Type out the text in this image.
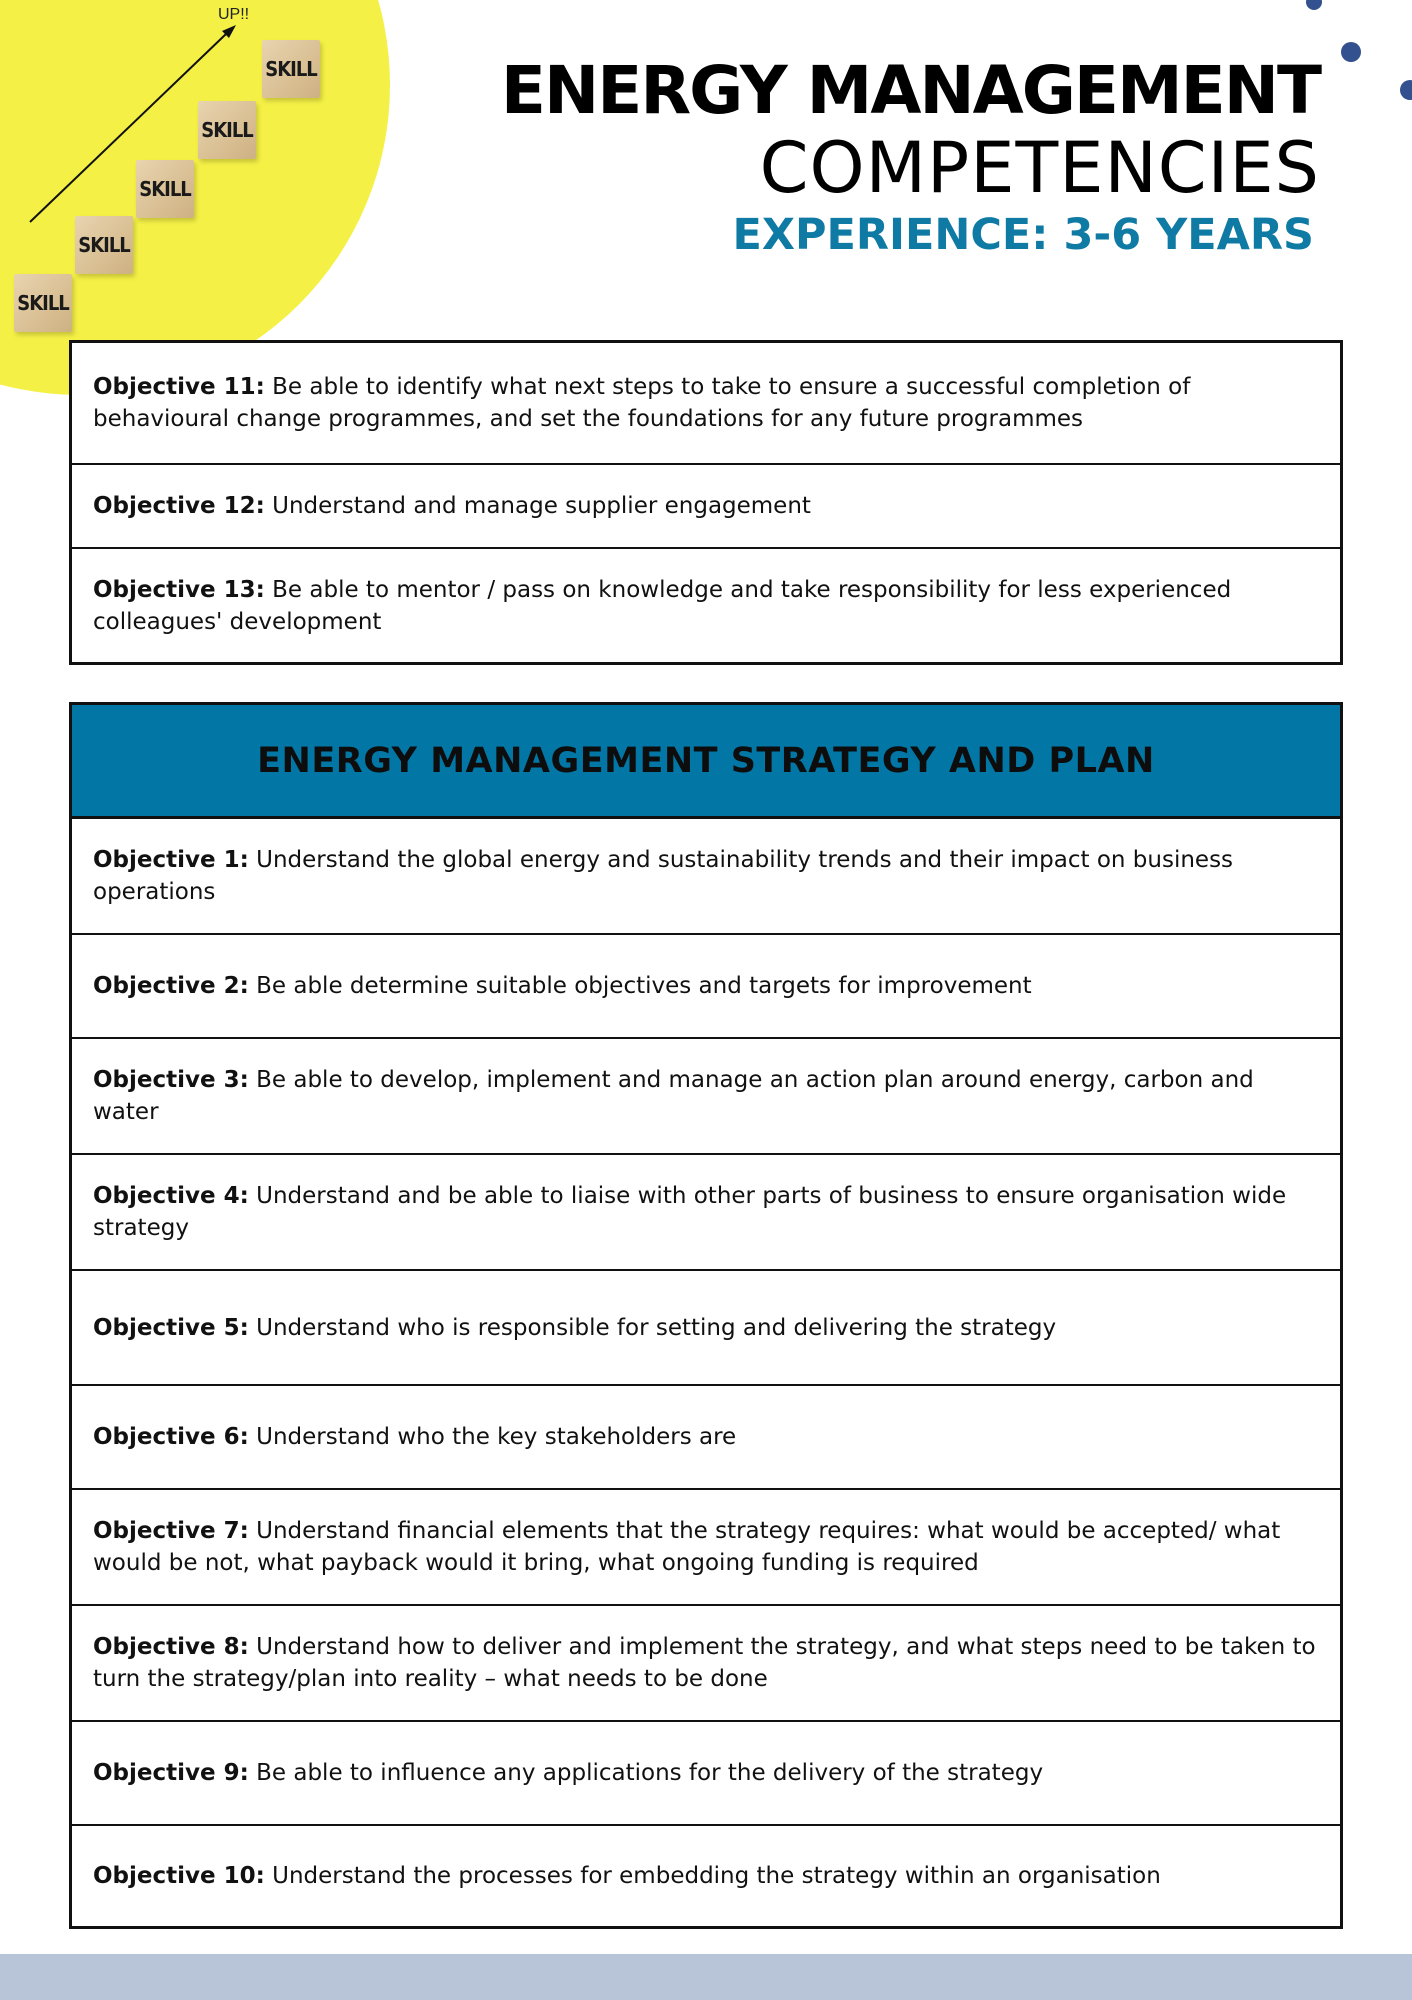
UP!!
SKILL
SKILL
SKILL
SKILL
SKILL	ENERGY MANAGEMENT
COMPETENCIES
EXPERIENCE: 3-6 YEARS
Objective 11: Be able to identify what next steps to take to ensure a successful completion of behavioural change programmes, and set the foundations for any future programmes
Objective 12: Understand and manage supplier engagement
Objective 13: Be able to mentor / pass on knowledge and take responsibility for less experienced colleagues' development
ENERGY MANAGEMENT STRATEGY AND PLAN
Objective 1: Understand the global energy and sustainability trends and their impact on business operations
Objective 2: Be able determine suitable objectives and targets for improvement
Objective 3: Be able to develop, implement and manage an action plan around energy, carbon and water
Objective 4: Understand and be able to liaise with other parts of business to ensure organisation wide strategy
Objective 5: Understand who is responsible for setting and delivering the strategy
Objective 6: Understand who the key stakeholders are
Objective 7: Understand financial elements that the strategy requires: what would be accepted/ what would be not, what payback would it bring, what ongoing funding is required
Objective 8: Understand how to deliver and implement the strategy, and what steps need to be taken to turn the strategy/plan into reality – what needs to be done
Objective 9: Be able to influence any applications for the delivery of the strategy
Objective 10: Understand the processes for embedding the strategy within an organisation
